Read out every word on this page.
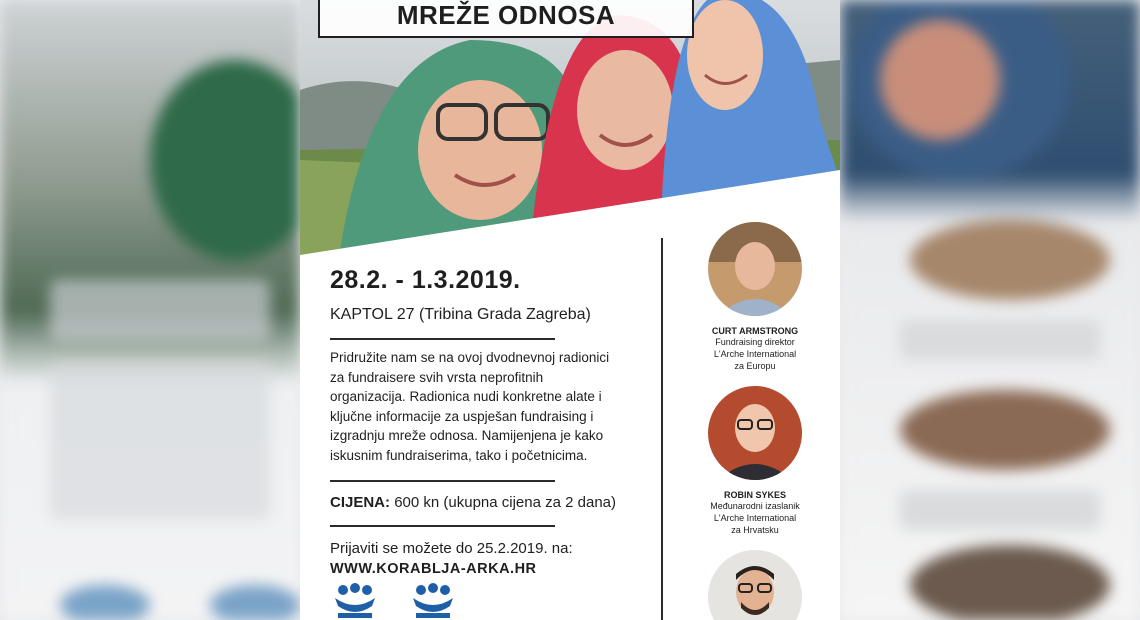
MREŽE ODNOSA
28.2. - 1.3.2019.
KAPTOL 27 (Tribina Grada Zagreba)
Pridružite nam se na ovoj dvodnevnoj radionici za fundraisere svih vrsta neprofitnih organizacija. Radionica nudi konkretne alate i ključne informacije za uspješan fundraising i izgradnju mreže odnosa. Namijenjena je kako iskusnim fundraiserima, tako i početnicima.
CIJENA: 600 kn (ukupna cijena za 2 dana)
Prijaviti se možete do 25.2.2019. na:
WWW.KORABLJA-ARKA.HR
CURT ARMSTRONG
Fundraising direktor
L'Arche International
za Europu
ROBIN SYKES
Međunarodni izaslanik
L'Arche International
za Hrvatsku
